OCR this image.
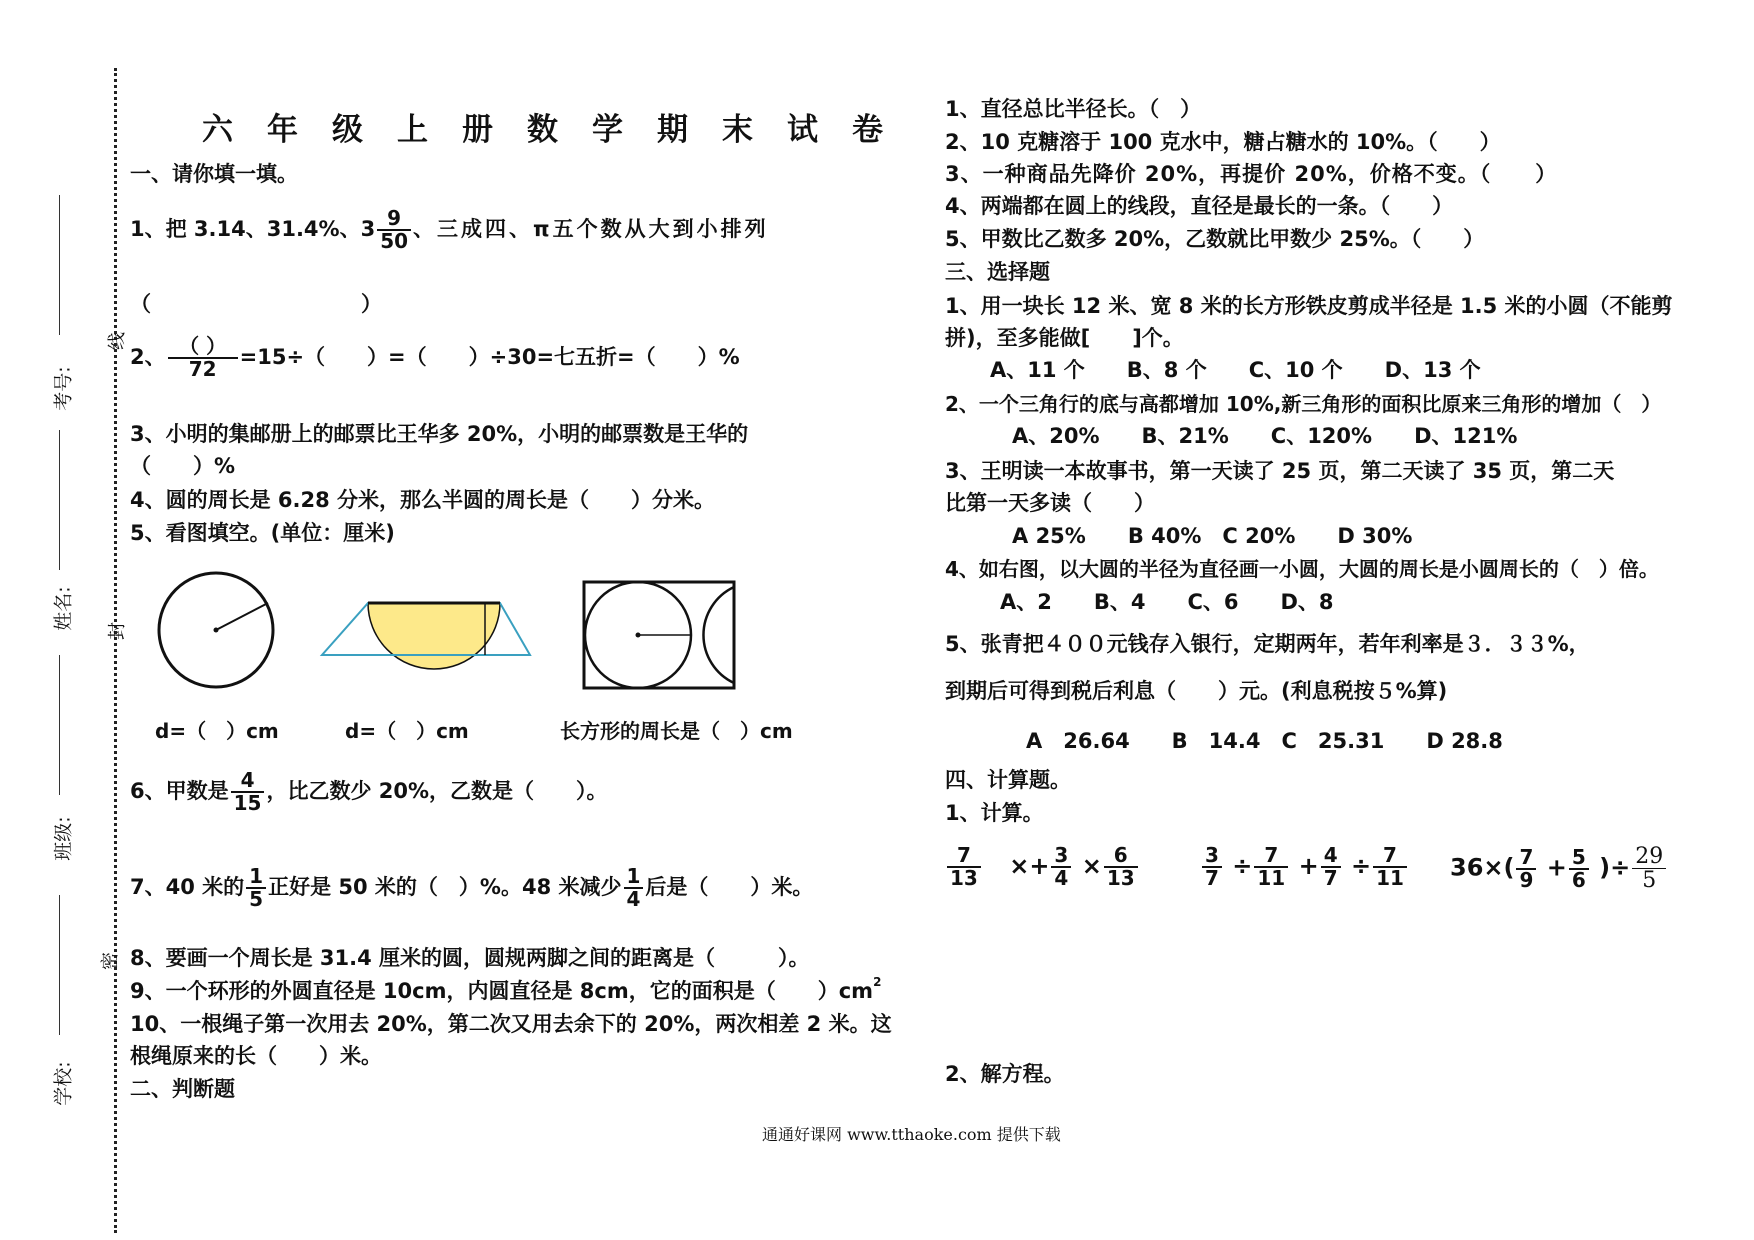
考号:
姓名:
班级:
学校:
线
封
密
六年级上册数学期末试卷
一、请你填一填。
1、把 3.14、31.4%、$3 \frac{9}{50}$ 、三成四、π五个数从大到小排列
（　　　　　　　　　　）
2、 $\frac{( )}{72} =15\div$（　　）=（　　）÷30=七五折=（　　）%
3、小明的集邮册上的邮票比王华多 20%，小明的邮票数是王华的
（　　）%
4、圆的周长是 6.28 分米，那么半圆的周长是（　　）分米。
5、看图填空。(单位：厘米)
d=（　）cm	d=（　）cm	长方形的周长是（　）cm
6、甲数是 $\frac{4}{15}$ ，比乙数少 20%，乙数是（　　）。
7、40 米的 $\frac{1}{5}$ 正好是 50 米的（　）%。48 米减少 $\frac{1}{4}$ 后是（　　）米。
8、要画一个周长是 31.4 厘米的圆，圆规两脚之间的距离是（　　　）。
9、一个环形的外圆直径是 10cm，内圆直径是 8cm，它的面积是（　　）$cm^2$
10、一根绳子第一次用去 20%，第二次又用去余下的 20%，两次相差 2 米。这
根绳原来的长（　　）米。
二、判断题
1、直径总比半径长。（　）
2、10 克糖溶于 100 克水中，糖占糖水的 10%。（　　）
3、一种商品先降价 20%，再提价 20%，价格不变。（　　）
4、两端都在圆上的线段，直径是最长的一条。（　　）
5、甲数比乙数多 20%，乙数就比甲数少 25%。（　　）
三、选择题
1、用一块长 12 米、宽 8 米的长方形铁皮剪成半径是 1.5 米的小圆（不能剪
拼)，至多能做[　　]个。
A、11 个　　B、8 个　　C、10 个　　D、13 个
2、一个三角行的底与高都增加 10%,新三角形的面积比原来三角形的增加（　）
A、20%　　B、21%　　C、120%　　D、121%
3、王明读一本故事书，第一天读了 25 页，第二天读了 35 页，第二天
比第一天多读（　　）
A 25%　　B 40%　C 20%　　D 30%
4、如右图，以大圆的半径为直径画一小圆，大圆的周长是小圆周长的（　）倍。
A、2　　B、4　　C、6　　D、8
5、张青把４００元钱存入银行，定期两年，若年利率是３．３３%，
到期后可得到税后利息（　　）元。(利息税按５%算)
A　26.64　　B　14.4　C　25.31　　D 28.8
四、计算题。
1、计算。
$\frac{7}{13} \times+ \frac{3}{4} \times \frac{6}{13}$	$\frac{3}{7} \div \frac{7}{11} + \frac{4}{7} \div \frac{7}{11} 36\times( \frac{7}{9} + \frac{5}{6}$ )÷ $\frac{29}{5}$
2、解方程。
通通好课网 www.tthaoke.com 提供下载
